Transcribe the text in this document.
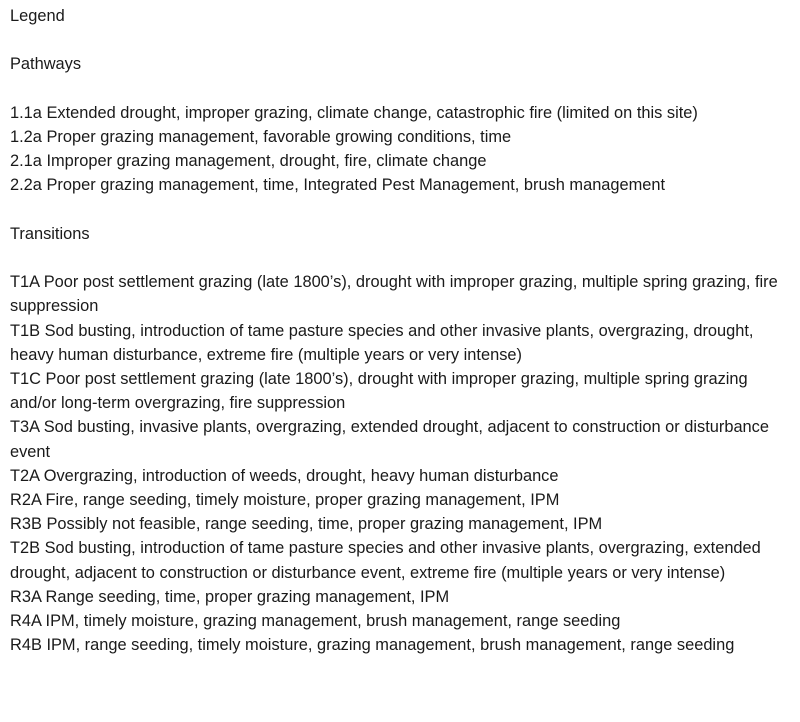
Legend
Pathways
1.1a Extended drought, improper grazing, climate change, catastrophic fire (limited on this site)
1.2a Proper grazing management, favorable growing conditions, time
2.1a Improper grazing management, drought, fire, climate change
2.2a Proper grazing management, time, Integrated Pest Management, brush management
Transitions
T1A Poor post settlement grazing (late 1800’s), drought with improper grazing, multiple spring grazing, fire suppression
T1B Sod busting, introduction of tame pasture species and other invasive plants, overgrazing, drought, heavy human disturbance, extreme fire (multiple years or very intense)
T1C Poor post settlement grazing (late 1800’s), drought with improper grazing, multiple spring grazing and/or long-term overgrazing, fire suppression
T3A Sod busting, invasive plants, overgrazing, extended drought, adjacent to construction or disturbance event
T2A Overgrazing, introduction of weeds, drought, heavy human disturbance
R2A Fire, range seeding, timely moisture, proper grazing management, IPM
R3B Possibly not feasible, range seeding, time, proper grazing management, IPM
T2B Sod busting, introduction of tame pasture species and other invasive plants, overgrazing, extended drought, adjacent to construction or disturbance event, extreme fire (multiple years or very intense)
R3A Range seeding, time, proper grazing management, IPM
R4A IPM, timely moisture, grazing management, brush management, range seeding
R4B IPM, range seeding, timely moisture, grazing management, brush management, range seeding
